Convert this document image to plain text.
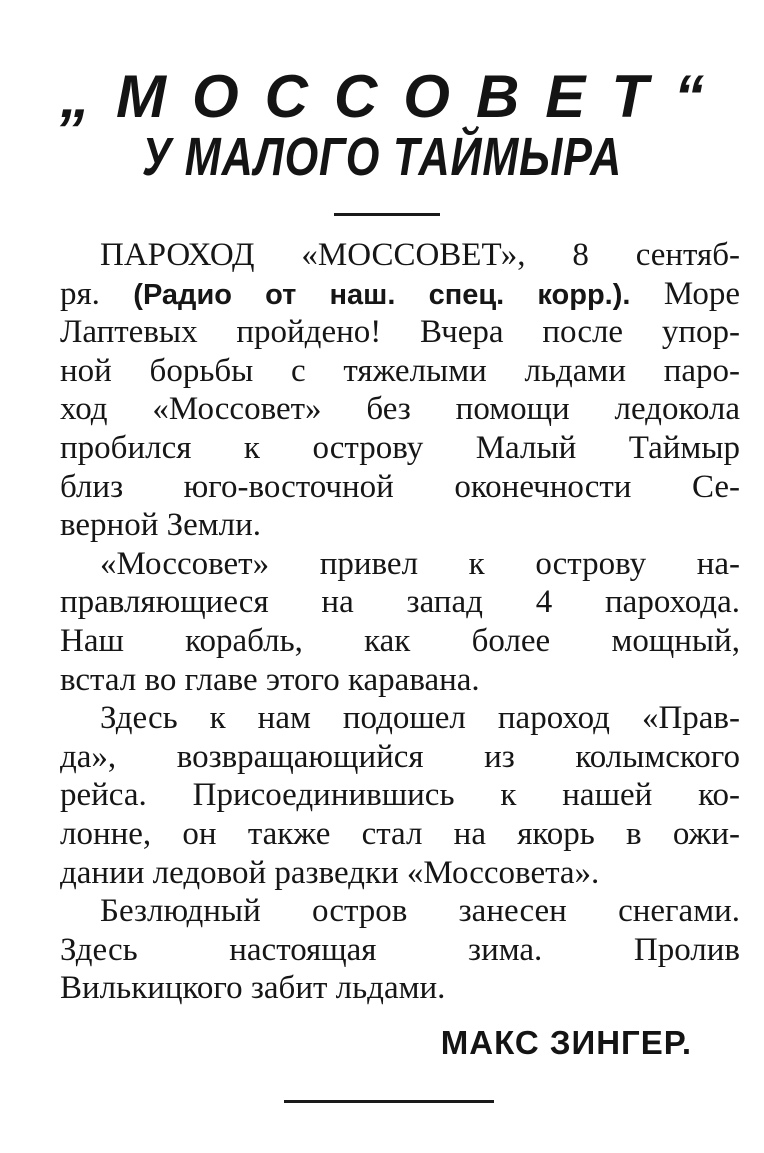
„МОССОВЕТ“
У МАЛОГО ТАЙМЫРА
ПАРОХОД «МОССОВЕТ», 8 сентяб-
ря. (Радио от наш. спец. корр.). Море
Лаптевых пройдено! Вчера после упор-
ной борьбы с тяжелыми льдами паро-
ход «Моссовет» без помощи ледокола
пробился к острову Малый Таймыр
близ юго-восточной оконечности Се-
верной Земли.
«Моссовет» привел к острову на-
правляющиеся на запад 4 парохода.
Наш корабль, как более мощный,
встал во главе этого каравана.
Здесь к нам подошел пароход «Прав-
да», возвращающийся из колымского
рейса. Присоединившись к нашей ко-
лонне, он также стал на якорь в ожи-
дании ледовой разведки «Моссовета».
Безлюдный остров занесен снегами.
Здесь настоящая зима. Пролив
Вилькицкого забит льдами.
МАКС ЗИНГЕР.
